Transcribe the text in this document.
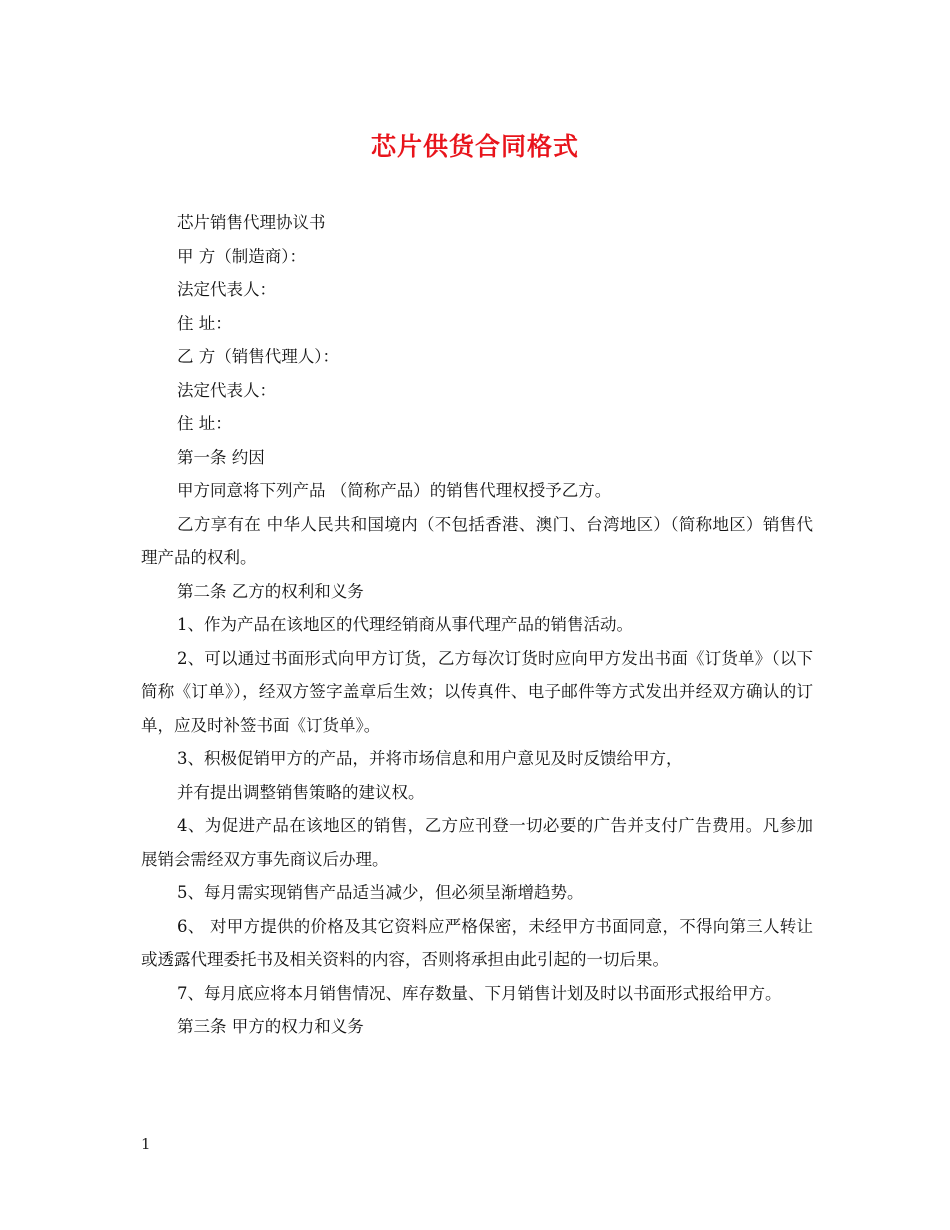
芯片供货合同格式

芯片销售代理协议书

甲 方（制造商）：

法定代表人：

住 址：

乙 方（销售代理人）：

法定代表人：

住 址：

第一条 约因

甲方同意将下列产品 （简称产品）的销售代理权授予乙方。

乙方享有在 中华人民共和国境内（不包括香港、澳门、台湾地区）（简称地区）销售代理产品的权利。

第二条 乙方的权利和义务

1、作为产品在该地区的代理经销商从事代理产品的销售活动。

2、可以通过书面形式向甲方订货，乙方每次订货时应向甲方发出书面《订货单》（以下简称《订单》），经双方签字盖章后生效；以传真件、电子邮件等方式发出并经双方确认的订单，应及时补签书面《订货单》。

3、积极促销甲方的产品，并将市场信息和用户意见及时反馈给甲方，

并有提出调整销售策略的建议权。

4、为促进产品在该地区的销售，乙方应刊登一切必要的广告并支付广告费用。凡参加展销会需经双方事先商议后办理。

5、每月需实现销售产品适当减少，但必须呈渐增趋势。

6、 对甲方提供的价格及其它资料应严格保密，未经甲方书面同意，不得向第三人转让或透露代理委托书及相关资料的内容，否则将承担由此引起的一切后果。

7、每月底应将本月销售情况、库存数量、下月销售计划及时以书面形式报给甲方。

第三条 甲方的权力和义务

1
